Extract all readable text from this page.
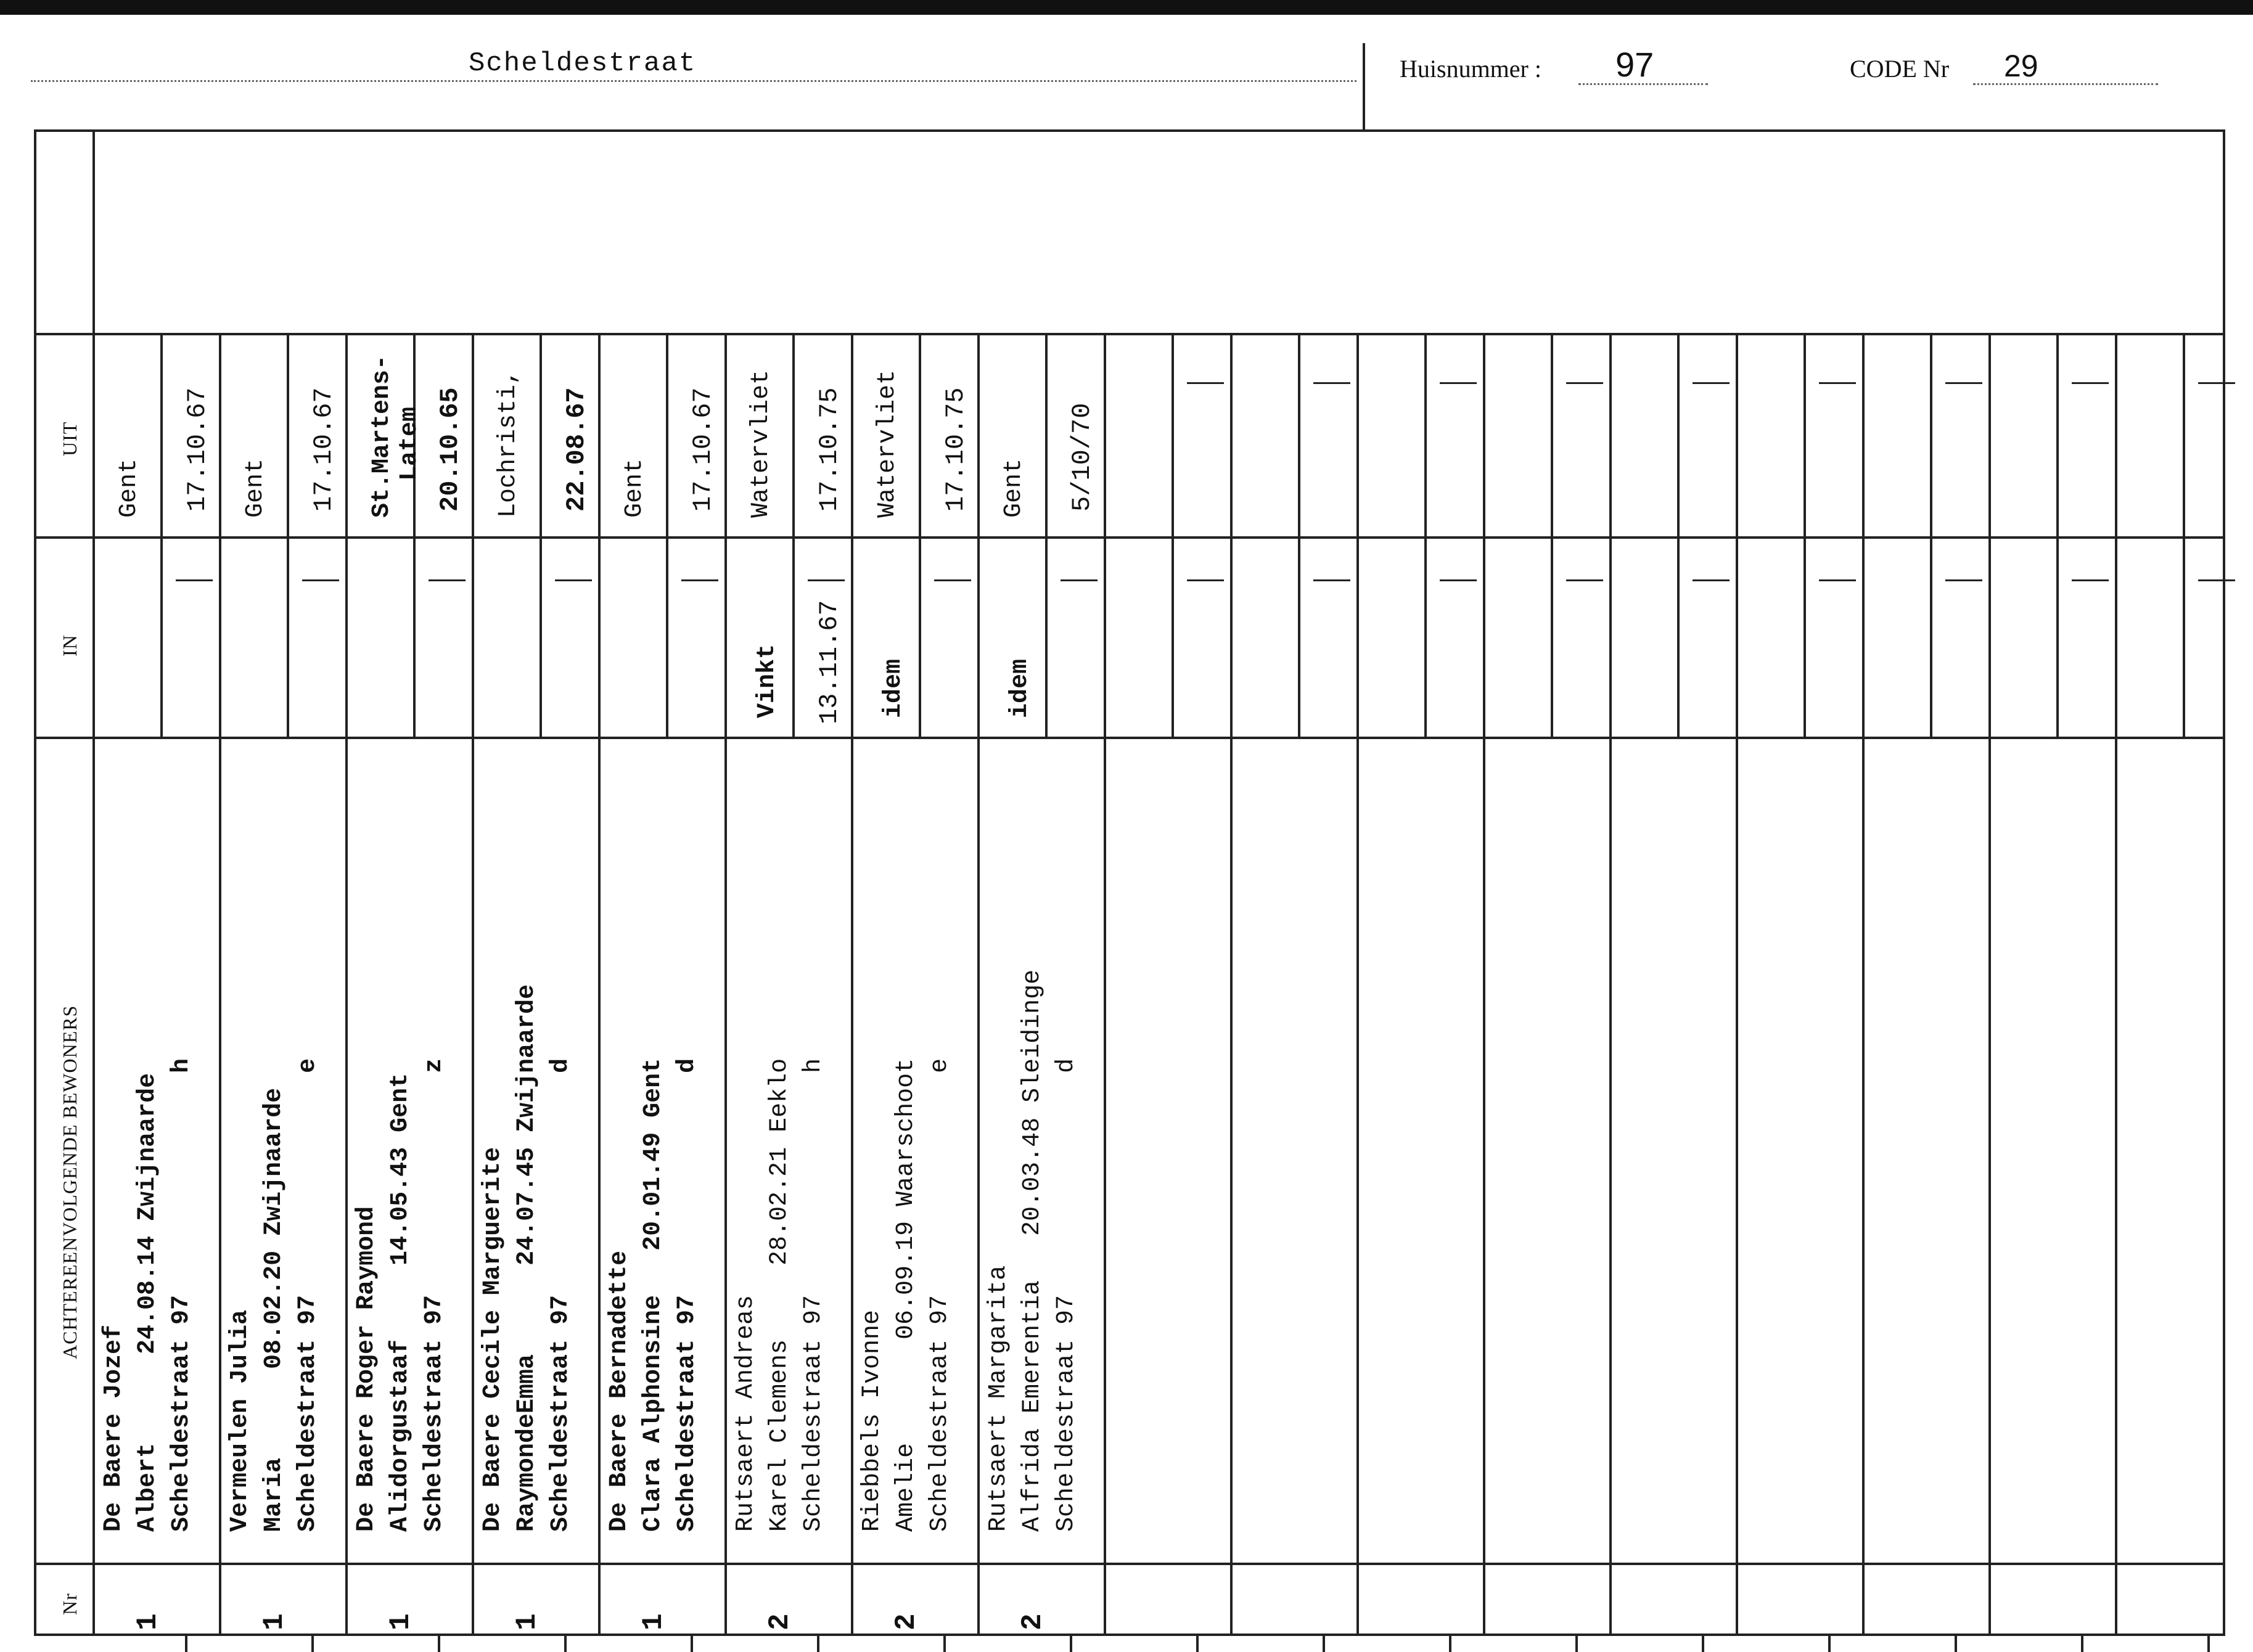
Scheldestraat	Huisnummer : 97	CODE Nr 29
Nr
ACHTEREENVOLGENDE BEWONERS
IN
UIT
1
De Baere Jozef Albert      24.08.14 Zwijnaarde Scheldestraat 97               h
Gent 17.10.67
1
Vermeulen Julia Maria      08.02.20 Zwijnaarde Scheldestraat 97               e
Gent 17.10.67
1
De Baere Roger Raymond Alidorgustaaf     14.05.43 Gent Scheldestraat 97               z
St.Martens- Latem 20.10.65
1
De Baere Cecile Marguerite RaymondeEmma      24.07.45 Zwijnaarde Scheldestraat 97               d
Lochristi, 22.08.67
1
De Baere Bernadette Clara Alphonsine   20.01.49 Gent Scheldestraat 97               d
Gent 17.10.67
2
Rutsaert Andreas Karel Clemens     28.02.21 Eeklo Scheldestraat 97               h
Vinkt 13.11.67
Watervliet 17.10.75
2
Riebbels Ivonne Amelie       06.09.19 Waarschoot Scheldestraat 97               e
idem
Watervliet 17.10.75
2
Rutsaert Margarita Alfrida Emerentia   20.03.48 Sleidinge Scheldestraat 97               d
idem
Gent 5/10/70
